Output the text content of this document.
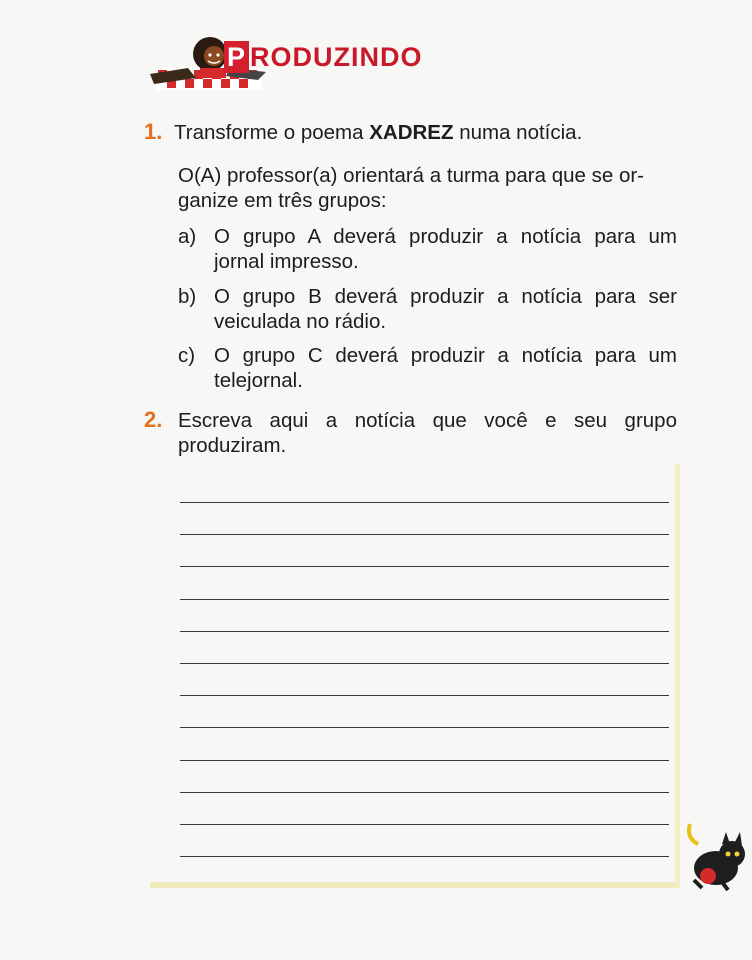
P RODUZINDO
1. Transforme o poema XADREZ numa notícia.
O(A) professor(a) orientará a turma para que se or-
ganize em três grupos:
a) O grupo A deverá produzir a notícia para um
jornal impresso.
b) O grupo B deverá produzir a notícia para ser
veiculada no rádio.
c) O grupo C deverá produzir a notícia para um
telejornal.
2. Escreva aqui a notícia que você e seu grupo
produziram.
